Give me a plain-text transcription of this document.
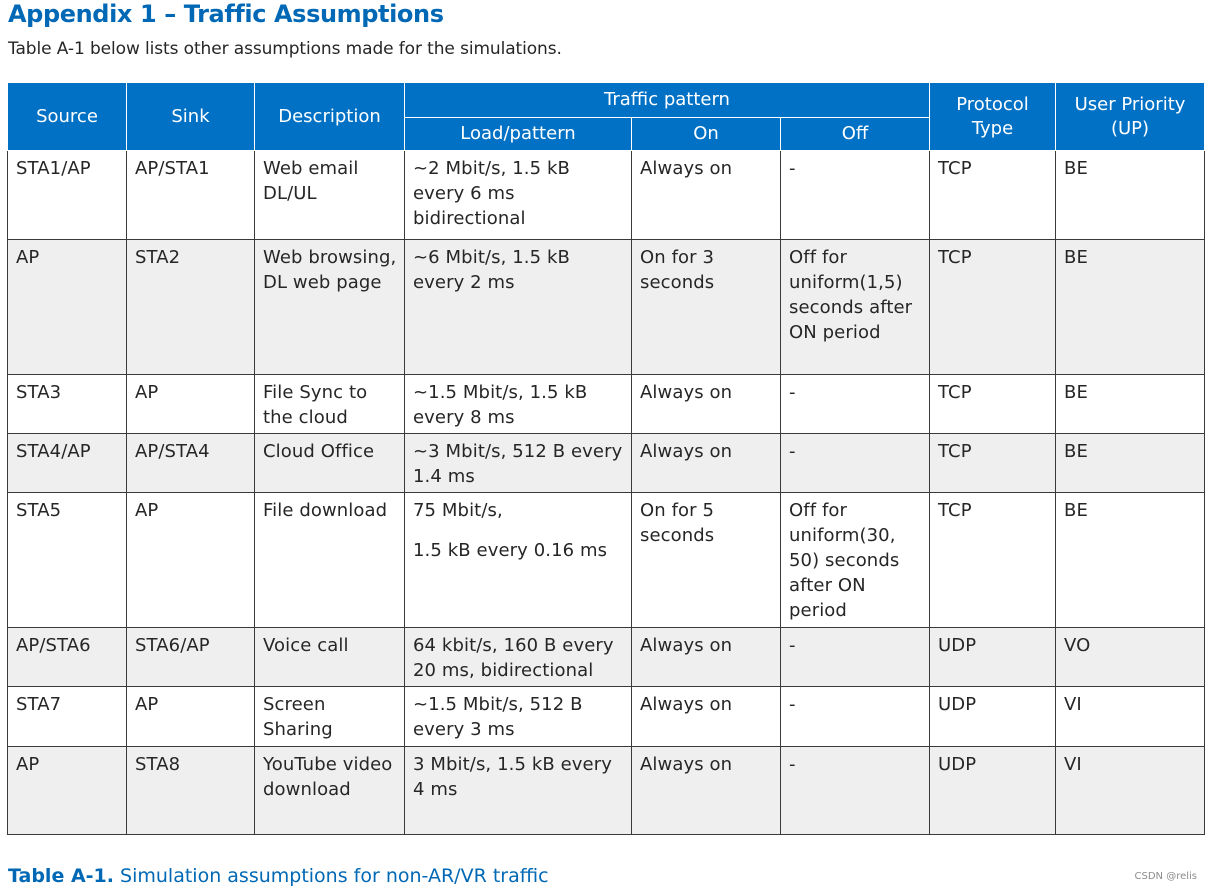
Appendix 1 – Traffic Assumptions

Table A-1 below lists other assumptions made for the simulations.

Source	Sink	Description	Traffic pattern			Protocol Type	User Priority (UP)
			Load/pattern	On	Off		
STA1/AP	AP/STA1	Web email DL/UL	~2 Mbit/s, 1.5 kB every 6 ms bidirectional	Always on	-	TCP	BE
AP	STA2	Web browsing, DL web page	~6 Mbit/s, 1.5 kB every 2 ms	On for 3 seconds	Off for uniform(1,5) seconds after ON period	TCP	BE
STA3	AP	File Sync to the cloud	~1.5 Mbit/s, 1.5 kB every 8 ms	Always on	-	TCP	BE
STA4/AP	AP/STA4	Cloud Office	~3 Mbit/s, 512 B every 1.4 ms	Always on	-	TCP	BE
STA5	AP	File download	75 Mbit/s,
1.5 kB every 0.16 ms	On for 5 seconds	Off for uniform(30, 50) seconds after ON period	TCP	BE
AP/STA6	STA6/AP	Voice call	64 kbit/s, 160 B every 20 ms, bidirectional	Always on	-	UDP	VO
STA7	AP	Screen Sharing	~1.5 Mbit/s, 512 B every 3 ms	Always on	-	UDP	VI
AP	STA8	YouTube video download	3 Mbit/s, 1.5 kB every 4 ms	Always on	-	UDP	VI

Table A-1. Simulation assumptions for non-AR/VR traffic	CSDN @relis
